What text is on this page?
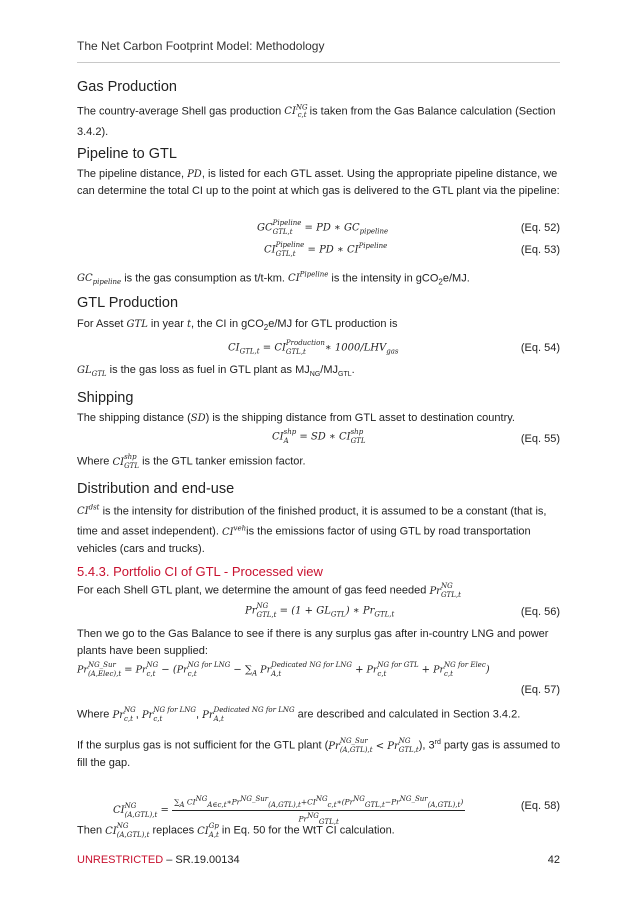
The Net Carbon Footprint Model: Methodology
Gas Production
The country-average Shell gas production $CI^{NG}_{c,t}$ is taken from the Gas Balance calculation (Section 3.4.2).
Pipeline to GTL
The pipeline distance, PD, is listed for each GTL asset. Using the appropriate pipeline distance, we can determine the total CI up to the point at which gas is delivered to the GTL plant via the pipeline:
GC Pipeline
GTL,t	= PD ∗ $GC_{pipeline}$	(Eq. 52)
CI Pipeline
GTL,t	= PD ∗ $CI^{Pipeline}$	(Eq. 53)
$GC_{pipeline}$ is the gas consumption as t/t-km. $CI^{Pipeline}$ is the intensity in gCO$_2$e/MJ.
GTL Production
For Asset GTL in year t, the CI in gCO$_2$e/MJ for GTL production is
$CI_{GTL,t}$ = CI Production
GTL,t	∗ $1000/LHV_{gas}$	(Eq. 54)
$GL_{GTL}$ is the gas loss as fuel in GTL plant as $MJ_{NG}/MJ_{GTL}$.
Shipping
The shipping distance (SD) is the shipping distance from GTL asset to destination country.
CI shp
A	= SD ∗ CI shp
GTL	(Eq. 55)
Where CI shp
GTL is the GTL tanker emission factor.
Distribution and end-use
$CI^{dst}$ is the intensity for distribution of the finished product, it is assumed to be a constant (that is, time and asset independent). $CI^{veh}is$ the emissions factor of using GTL by road transportation vehicles (cars and trucks).
5.4.3. Portfolio CI of GTL - Processed view
For each Shell GTL plant, we determine the amount of gas feed needed Pr NG
GTL,t
Pr NG
$GTL,t = (1 + GL_{GTL})$ ∗ $Pr_{GTL,t}$	(Eq. 56)
Then we go to the Gas Balance to see if there is any surplus gas after in-country LNG and power plants have been supplied:
Pr NG_Sur
(A,Elec),t = Pr NG
c,t − (Pr NG for LNG
c,t	− $\sum_A$ Pr Dedicated NG for LNG
A,t	+ Pr NG for GTL
c,t	+ Pr NG for Elec
c,t	)
(Eq. 57)
Where Pr NG
c,t , Pr NG for LNG
c,t	, Pr Dedicated NG for LNG
A,t	are described and calculated in Section 3.4.2.
If the surplus gas is not sufficient for the GTL plant (Pr NG_Sur
(A,GTL),t < Pr NG
GTL,t ), 3rd party gas is assumed to fill the gap.
CI NG
(A,GTL),t =
$\sum_A$ $CI^{NG}_{A\in c,t}∗Pr^{NG\_Sur}_{(A,GTL),t}+CI^{NG}_{c,t}∗(Pr^{NG}_{GTL,t}-Pr^{NG\_Sur}_{(A,GTL),t})$
$Pr^{NG}_{GTL,t}$
(Eq. 58)
Then CI NG
(A,GTL),t replaces CI Gp
A,t in Eq. 50 for the WtT CI calculation.
UNRESTRICTED – SR.19.00134	42
